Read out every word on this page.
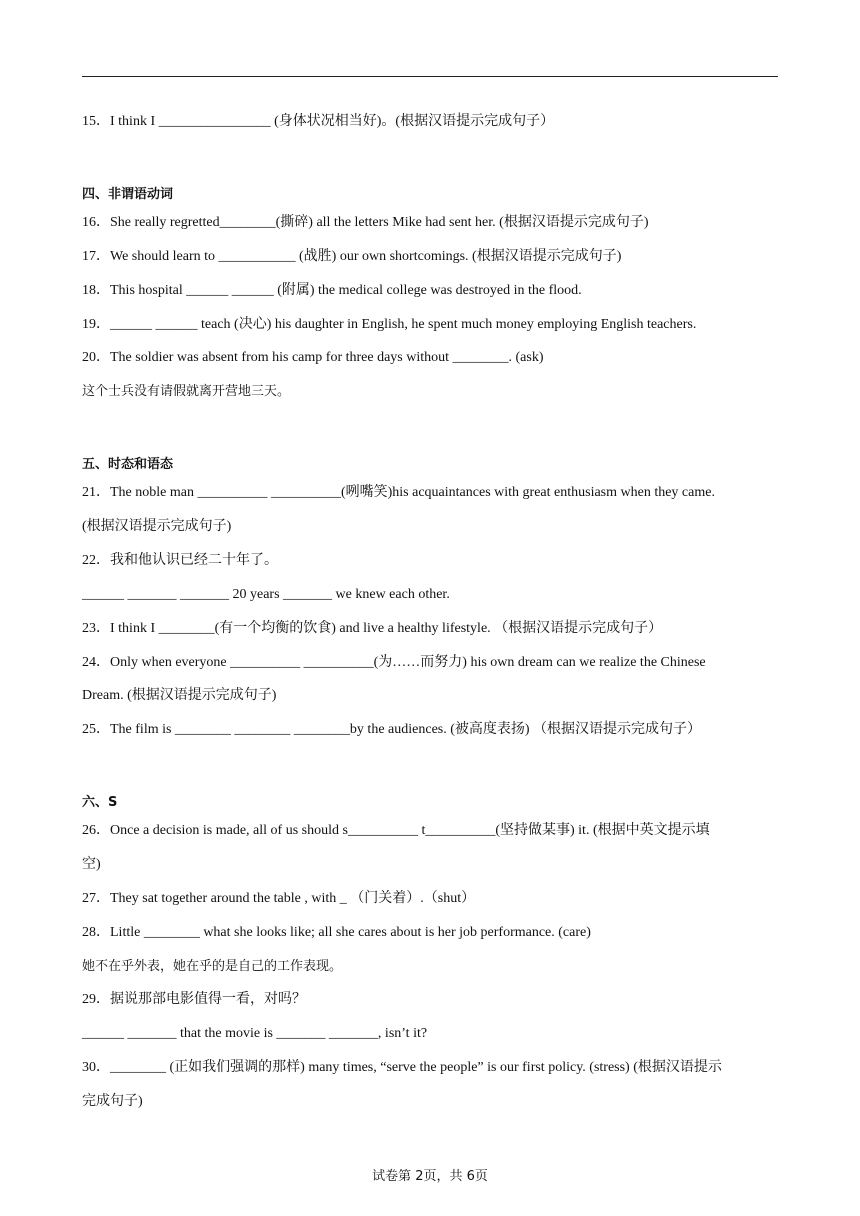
15．I think I ________________ (身体状况相当好)。(根据汉语提示完成句子）
四、非谓语动词
16．She really regretted________(撕碎) all the letters Mike had sent her. (根据汉语提示完成句子)
17．We should learn to ___________ (战胜) our own shortcomings. (根据汉语提示完成句子)
18．This hospital ______ ______ (附属) the medical college was destroyed in the flood.
19．______ ______ teach (决心) his daughter in English, he spent much money employing English teachers.
20．The soldier was absent from his camp for three days without ________. (ask)
这个士兵没有请假就离开营地三天。
五、时态和语态
21．The noble man __________ __________(咧嘴笑)his acquaintances with great enthusiasm when they came.
(根据汉语提示完成句子)
22．我和他认识已经二十年了。
______ _______ _______ 20 years _______ we knew each other.
23．I think I ________(有一个均衡的饮食) and live a healthy lifestyle. （根据汉语提示完成句子）
24．Only when everyone __________ __________(为……而努力) his own dream can we realize the Chinese
Dream. (根据汉语提示完成句子)
25．The film is ________ ________ ________by the audiences. (被高度表扬) （根据汉语提示完成句子）
六、S
26．Once a decision is made, all of us should s__________ t__________(坚持做某事) it. (根据中英文提示填
空)
27．They sat together around the table , with _ （门关着）.（shut）
28．Little ________ what she looks like; all she cares about is her job performance. (care)
她不在乎外表，她在乎的是自己的工作表现。
29．据说那部电影值得一看，对吗？
______ _______ that the movie is _______ _______, isn’t it?
30．________ (正如我们强调的那样) many times, “serve the people” is our first policy. (stress) (根据汉语提示
完成句子)
试卷第 2页，共 6页
